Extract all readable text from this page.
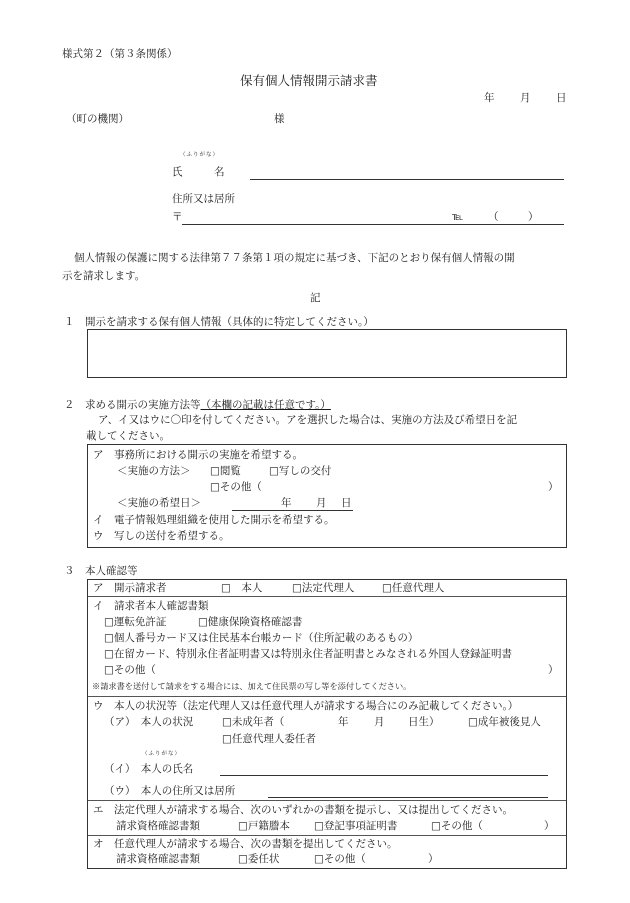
様式第２（第３条関係）
保有個人情報開示請求書
年 月 日
（町の機関）	様
（ふりがな）
氏　　　名
住所又は居所
〒	℡ （	）
個人情報の保護に関する法律第７７条第１項の規定に基づき、下記のとおり保有個人情報の開
示を請求します。
記
１　開示を請求する保有個人情報（具体的に特定してください。）
２　求める開示の実施方法等（本欄の記載は任意です。）
ア、イ又はウに〇印を付してください。アを選択した場合は、実施の方法及び希望日を記
載してください。
ア　事務所における開示の実施を希望する。
＜実施の方法＞ □閲覧	□写しの交付
□その他（	）
＜実施の希望日＞	年 月 日
イ　電子情報処理組織を使用した開示を希望する。
ウ　写しの送付を希望する。
３　本人確認等
ア　開示請求者	□　本人	□法定代理人	□任意代理人
イ　請求者本人確認書類
□運転免許証	□健康保険資格確認書
□個人番号カード又は住民基本台帳カード（住所記載のあるもの）
□在留カード、特別永住者証明書又は特別永住者証明書とみなされる外国人登録証明書
□その他（	）
※請求書を送付して請求をする場合には、加えて住民票の写し等を添付してください。
ウ　本人の状況等（法定代理人又は任意代理人が請求する場合にのみ記載してください。）
（ア）　本人の状況	□未成年者（	年 月 日生）	□成年被後見人
□任意代理人委任者
（ふりがな）
（イ）　本人の氏名
（ウ）　本人の住所又は居所
エ　法定代理人が請求する場合、次のいずれかの書類を提示し、又は提出してください。
請求資格確認書類	□戸籍謄本 □登記事項証明書	□その他（	）
オ　任意代理人が請求する場合、次の書類を提出してください。
請求資格確認書類	□委任状	□その他（	）
